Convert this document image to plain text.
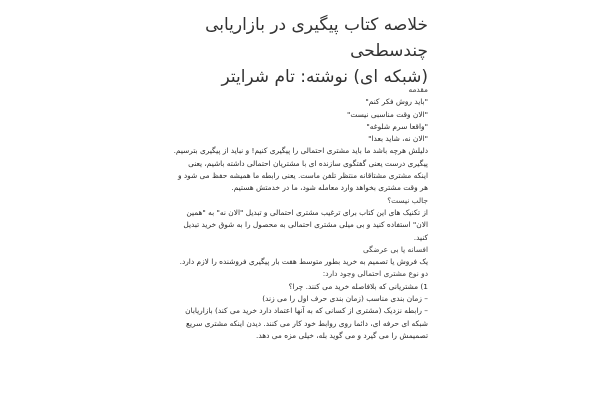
خلاصه کتاب پیگیری در بازاریابی چندسطحی
(شبکه ای) نوشته: تام شرایتر

مقدمه

"باید روش فکر کنم"

"الان وقت مناسبی نیست"

"واقعا سرم شلوغه"

"الان نه، شاید بعدا"

دلیلش هرچه باشد ما باید مشتری احتمالی را پیگیری کنیم! و نباید از پیگیری بترسیم. پیگیری درست یعنی گفتگوی سازنده ای با مشتریان احتمالی داشته باشیم، یعنی اینکه مشتری مشتاقانه منتظر تلفن ماست. یعنی رابطه ما همیشه حفظ می شود و هر وقت مشتری بخواهد وارد معامله شود، ما در خدمتش هستیم.

جالب نیست؟

از تکنیک های این کتاب برای ترغیب مشتری احتمالی و تبدیل "الان نه" به "همین الان" استفاده کنید و بی میلی مشتری احتمالی به محصول را به شوق خرید تبدیل کنید.

افسانه یا بی عرضگی

یک فروش یا تصمیم به خرید بطور متوسط هفت بار پیگیری فروشنده را لازم دارد.

دو نوع مشتری احتمالی وجود دارد:

1) مشتریانی که بلافاصله خرید می کنند. چرا؟

– زمان بندی مناسب (زمان بندی حرف اول را می زند)

– رابطه نزدیک (مشتری از کسانی که به آنها اعتماد دارد خرید می کند) بازاریابان شبکه ای حرفه ای، دائما روی روابط خود کار می کنند. دیدن اینکه مشتری سریع تصمیمش را می گیرد و می گوید بله، خیلی مزه می دهد.
